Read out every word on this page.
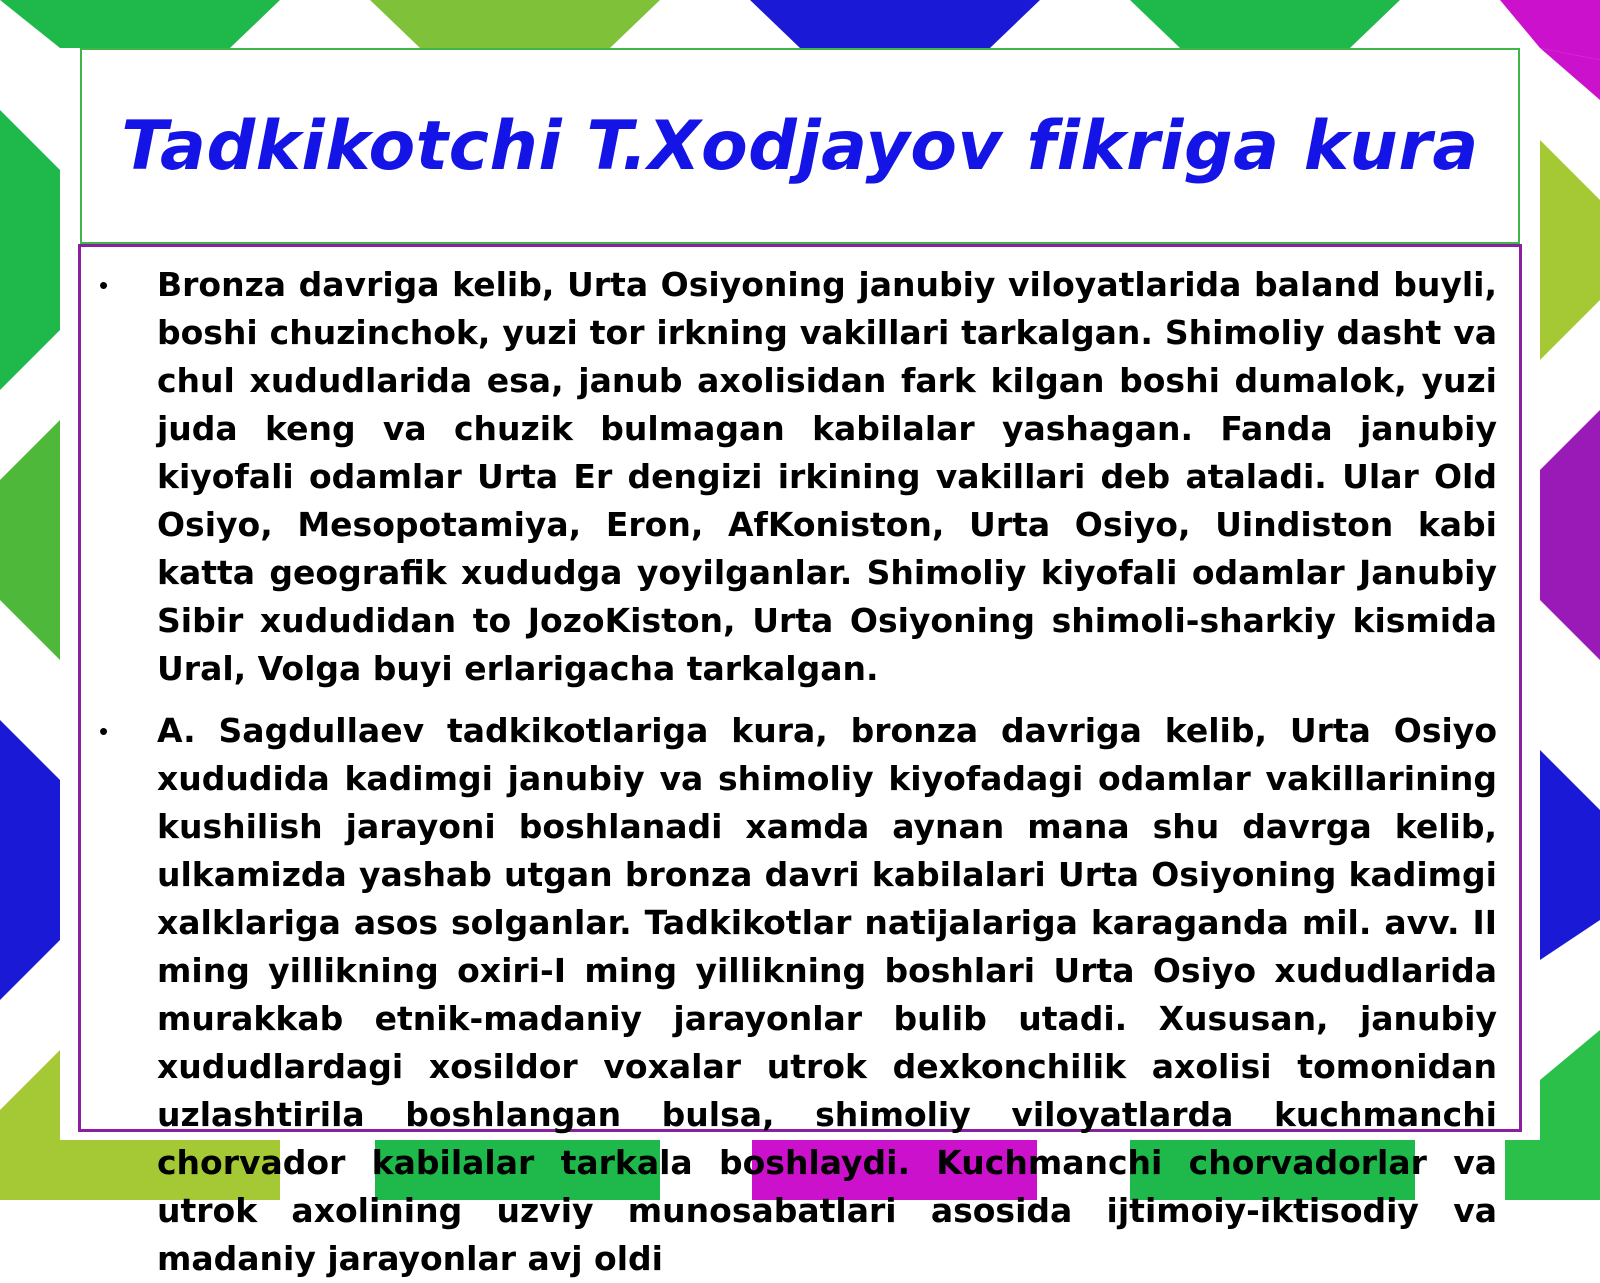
Tadkikotchi T.Xodjayov fikriga kura
• Bronza davriga kelib, Urta Osiyoning janubiy viloyatlarida baland buyli, boshi chuzinchok, yuzi tor irkning vakillari tarkalgan. Shimoliy dasht va chul xududlarida esa, janub axolisidan fark kilgan boshi dumalok, yuzi juda keng va chuzik bulmagan kabilalar yashagan. Fanda janubiy kiyofali odamlar Urta Er dengizi irkining vakillari deb ataladi. Ular Old Osiyo, Mesopotamiya, Eron, AfKoniston, Urta Osiyo, Uindiston kabi katta geografik xududga yoyilganlar. Shimoliy kiyofali odamlar Janubiy Sibir xududidan to JozoKiston, Urta Osiyoning shimoli-sharkiy kismida Ural, Volga buyi erlarigacha tarkalgan.

• A. Sagdullaev tadkikotlariga kura, bronza davriga kelib, Urta Osiyo xududida kadimgi janubiy va shimoliy kiyofadagi odamlar vakillarining kushilish jarayoni boshlanadi xamda aynan mana shu davrga kelib, ulkamizda yashab utgan bronza davri kabilalari Urta Osiyoning kadimgi xalklariga asos solganlar. Tadkikotlar natijalariga karaganda mil. avv. II ming yillikning oxiri-I ming yillikning boshlari Urta Osiyo xududlarida murakkab etnik-madaniy jarayonlar bulib utadi. Xususan, janubiy xududlardagi xosildor voxalar utrok dexkonchilik axolisi tomonidan uzlashtirila boshlangan bulsa, shimoliy viloyatlarda kuchmanchi chorvador kabilalar tarkala boshlaydi. Kuchmanchi chorvadorlar va utrok axolining uzviy munosabatlari asosida ijtimoiy-iktisodiy va madaniy jarayonlar avj oldi
